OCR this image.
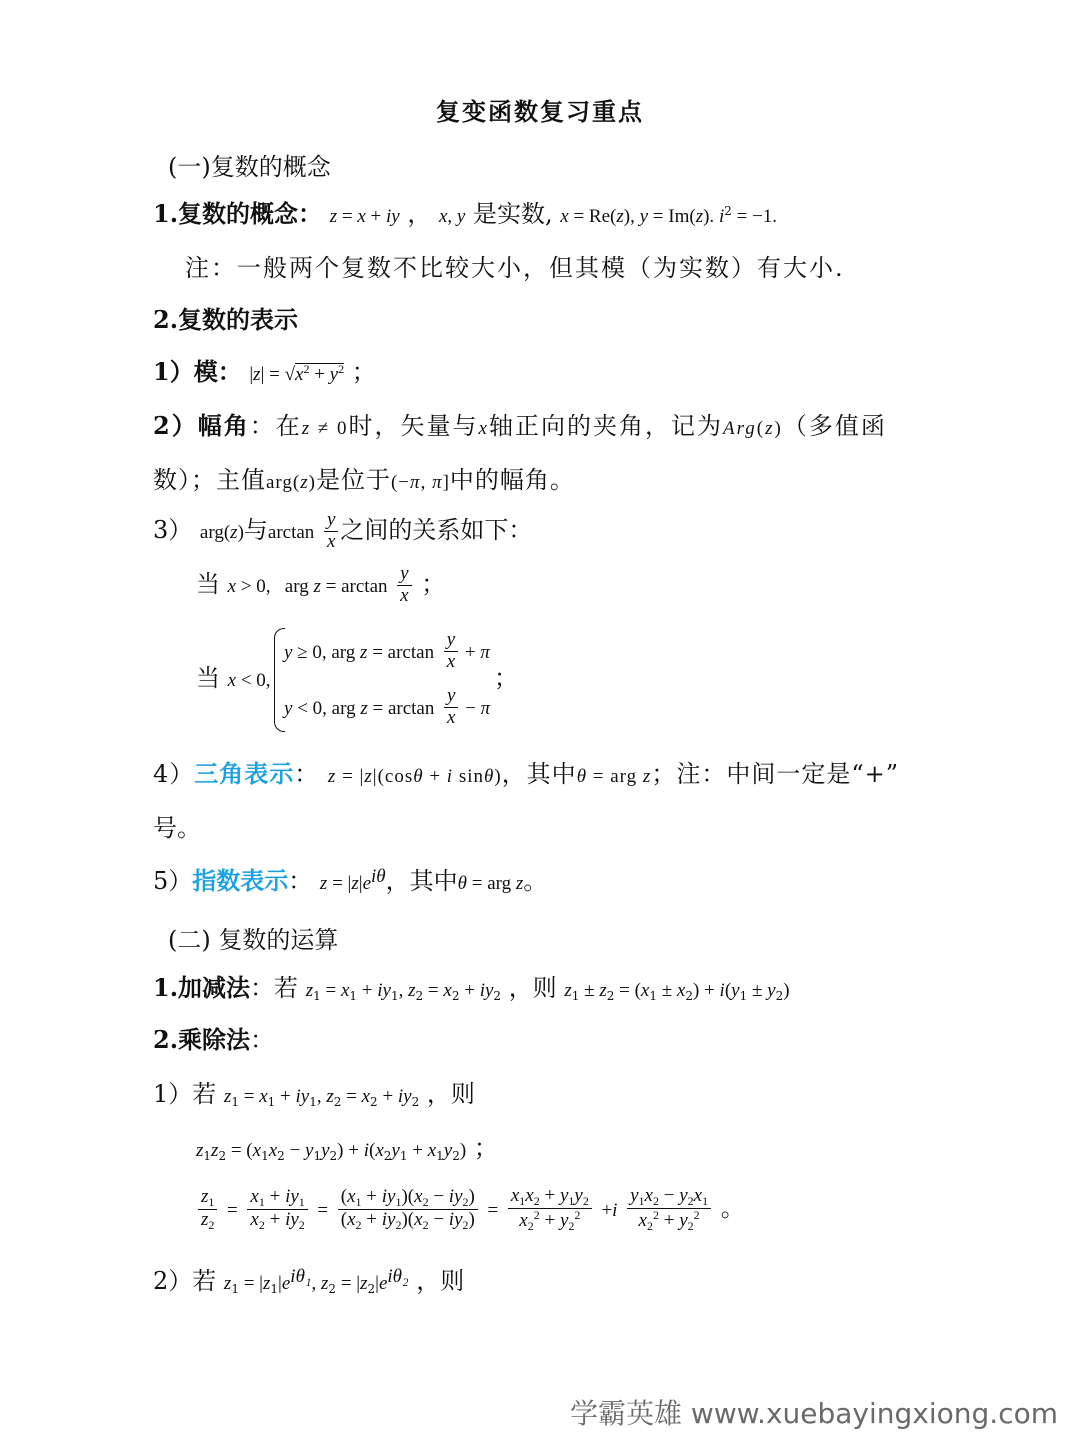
复变函数复习重点
(一)复数的概念
1.复数的概念： z = x + iy ， x, y 是实数, x = Re(z), y = Im(z). $i^2 = -1$.
注：一般两个复数不比较大小，但其模（为实数）有大小.
2.复数的表示
1）模： $|z| = √x^2 + y^2$ ；
2）幅角：在z ≠ 0时，矢量与x轴正向的夹角，记为Arg(z)（多值函
数）；主值arg(z)是位于(−π, π]中的幅角。
3） arg(z)与$\arctan \frac{y}{x}$ 之间的关系如下：
当 x > 0,   arg $z = \arctan \frac{y}{x}$ ；
当 x < 0,
y ≥ 0, arg $z = \arctan \frac{y}{x} + \pi$
y < 0, arg $z = \arctan \frac{y}{x} - \pi$
；
4）三角表示： z = |z|(cosθ + i sinθ)，其中θ = arg z；注：中间一定是“+”
号。
5）指数表示： $z = |z|e^{i\theta}$，其中θ = arg z。
(二) 复数的运算
1.加减法：若 $z_1 = x_1 + iy_1$, $z_2 = x_2 + iy_2$ ，则 $z_1 \pm z_2 = (x_1 \pm x_2) + i(y_1 \pm y_2)$
2.乘除法：
1）若 $z_1 = x_1 + iy_1$, $z_2 = x_2 + iy_2$ ，则
$z_1z_2 = (x_1x_2 - y_1y_2) + i(x_2y_1 + x_1y_2)$ ；
$\frac{z_1}{z_2} = \frac{x_1 + iy_1}{x_2 + iy_2} = \frac{(x_1 + iy_1)(x_2 - iy_2)}{(x_2 + iy_2)(x_2 - iy_2)} = \frac{x_1x_2 + y_1y_2}{x_2^2 + y_2^2} +i \frac{y_1x_2 - y_2x_1}{x_2^2 + y_2^2}$ 。
2）若 $z_1 = |z_1|e^{i\theta_1}$, $z_2 = |z_2|e^{i\theta_2}$ ，则
学霸英雄 www.xuebayingxiong.com
